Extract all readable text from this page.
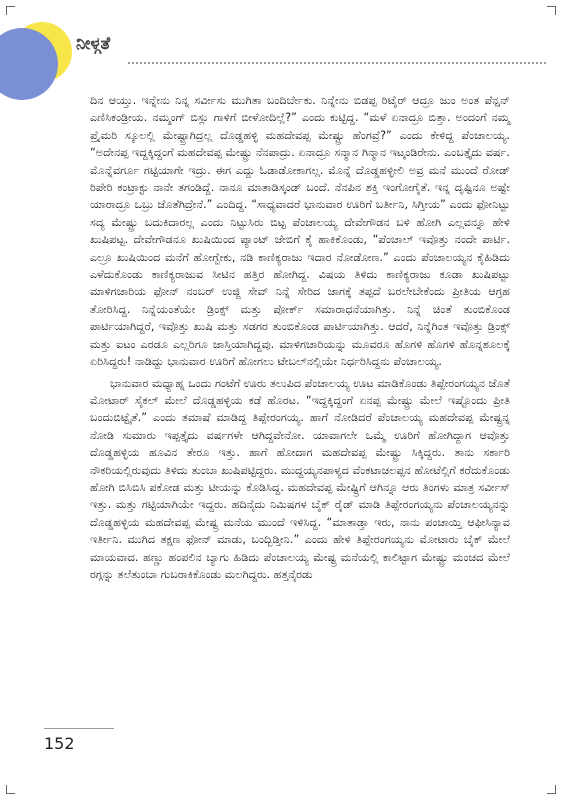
ನೀಳ್ಗತೆ

ದಿನ ಆಯ್ತು. ಇನ್ನೇನು ನಿನ್ನ ಸರ್ವೀಸು ಮುಗಿತಾ ಬಂದಿರ್ಬೇಕು. ನಿನ್ನೇನು ಬಿಡಪ್ಪ ರಿಟೈರ್ ಆದ್ರೂ ಜುಂ ಅಂತ ಪೆನ್ಷನ್ ಎಣಿಸಿಕಂಡ್ರೀಯ. ನಮ್ಮಂಗ್ ಬಿಸ್ಲು ಗಾಳಿಗೆ ಬೀಳೋದಿಲ್ಲೆ?” ಎಂದು ಕುಟ್ಟಿದ್ದ. “ಮಳೆ ಏನಾದ್ರೂ ಬಿತ್ತಾ. ಅಂದಂಗೆ ನಮ್ಮ ಪ್ರೈಮರಿ ಸ್ಕೂಲಲ್ಲಿ ಮೇಷ್ಟ್ರಾಗಿದ್ರಲ್ಲ ದೊಡ್ಡಹಳ್ಳಿ ಮಹದೇವಪ್ಪ ಮೇಷ್ಟ್ರು ಹೆಂಗವ್ರೆ?” ಎಂದು ಕೇಳಿದ್ದ ಪೆಂಚಾಲಯ್ಯ. “ಅದೇನಪ್ಪ ಇದ್ದಕ್ಕಿದ್ದಂಗೆ ಮಹದೇವಪ್ಪ ಮೇಷ್ಟ್ರು ನೆನಪಾದ್ರು. ಏನಾದ್ರೂ ಸನ್ಮಾನ ಗಿನ್ಮಾನ ಇಟ್ಕಂಡಿರೇನು. ಎಂಬತ್ತೈದು ವರ್ಷ. ಮೊನ್ನೆವರ್ಗೂ ಗಟ್ಟಿಯಾಗೇ ಇದ್ರು. ಈಗ ಎದ್ದು ಓಡಾಡೋಕಾಗಲ್ಲ. ಮೊನ್ನೆ ದೊಡ್ಡಹಳ್ಳೀಲಿ ಅವ್ರ ಮನೆ ಮುಂದೆ ರೋಡ್ ರಿಪೇರಿ ಕಂಟ್ರಾಕ್ಟು ನಾನೇ ತಗಂಡಿದ್ದೆ. ನಾನೂ ಮಾತಾಡಿಸ್ಕಂಡ್ ಬಂದೆ. ನೆನಪಿನ ಶಕ್ತಿ ಇಂಗೋಗೈತೆ. ಇನ್ನ ದೃಷ್ಟಿನೂ ಅಷ್ಟೇ ಯಾರಾದ್ರೂ ಒಬ್ರು ಜೊತೆಗಿದ್ರೇನೆ.” ಎಂದಿದ್ದ. “ಸಾಧ್ಯವಾದರೆ ಭಾನುವಾರ ಊರಿಗೆ ಬರ್ತೀನಿ, ಸಿಗ್ತೀಯ” ಎಂದು ಫೋನಿಟ್ಟು ಸದ್ಯ ಮೇಷ್ಟ್ರು ಬದುಕಿದಾರಲ್ಲ ಎಂದು ನಿಟ್ಟುಸಿರು ಬಿಟ್ಟ ಪೆಂಚಾಲಯ್ಯ ದೇವೇಗೌಡನ ಬಳಿ ಹೋಗಿ ಎಲ್ಲವನ್ನೂ ಹೇಳಿ ಖುಷಿಪಟ್ಟ. ದೇವೇಗೌಡನೂ ಖುಷಿಯಿಂದ ಪ್ಯಾಂಟ್ ಜೇಬಿಗೆ ಕೈ ಹಾಕಿಕೊಂಡು, “ಪೆಂಚಾಲ್ ಇವೊತ್ತು ನಂದೇ ಪಾರ್ಟಿ. ಎಲ್ರೂ ಖುಷಿಯಿಂದ ಮನೆಗೆ ಹೋಗ್ಬೇಕು, ನಡಿ ಕಾಣಿಕ್ಯರಾಜು ಇದಾರ ನೋಡೋಣ.” ಎಂದು ಪೆಂಚಾಲಯ್ಯನ ಕೈಹಿಡಿದು ಎಳೆದುಕೊಂಡು ಕಾಣಿಕ್ಯರಾಜುವ ಸೀಟಿನ ಹತ್ತಿರ ಹೋಗಿದ್ದ. ವಿಷಯ ತಿಳಿದು ಕಾಣಿಕ್ಯರಾಜು ಕೂಡಾ ಖುಷಿಪಟ್ಟು ಮಾಳಿಗಚಾರಿಯ ಫೋನ್ ನಂಬರ್ ಉಜ್ಜಿ ಸೇವ್ ನಿನ್ನೆ ಸೇರಿದ ಜಾಗಕ್ಕೆ ತಪ್ಪದೆ ಬರಲೇಬೇಕೆಂದು ಪ್ರೀತಿಯ ಆಗ್ರಹ ತೋರಿಸಿದ್ದ. ನಿನ್ನೆಯಂತೆಯೇ ಡ್ರಿಂಕ್ಸ್ ಮತ್ತು ಪೋರ್ಕ್ ಸಮಾರಾಧನೆಯಾಗಿತ್ತು. ನಿನ್ನೆ ಚಿಂತೆ ತುಂಬಿಕೊಂಡ ಪಾರ್ಟಿಯಾಗಿದ್ದರೆ, ಇವೊತ್ತು ಖುಷಿ ಮತ್ತು ಸಡಗರ ತುಂಬಿಕೊಂಡ ಪಾರ್ಟಿಯಾಗಿತ್ತು. ಆದರೆ, ನಿನ್ನೆಗಿಂತ ಇವೊತ್ತು ಡ್ರಿಂಕ್ಸ್ ಮತ್ತು ಐಟಂ ಎರಡೂ ಎಲ್ಲರಿಗೂ ಜಾಸ್ತಿಯಾಗಿದ್ದವು. ಮಾಳಿಗಚಾರಿಯನ್ನು ಮೂವರೂ ಹೊಗಳಿ ಹೊಗಳಿ ಹೊನ್ನಶೂಲಕ್ಕೆ ಏರಿಸಿದ್ದರು! ನಾಡಿದ್ದು ಭಾನುವಾರ ಊರಿಗೆ ಹೋಗಲು ಟೇಬಲ್‌ನಲ್ಲಿಯೇ ನಿರ್ಧರಿಸಿದ್ದನು ಪೆಂಚಾಲಯ್ಯ.

ಭಾನುವಾರ ಮಧ್ಯಾಹ್ನ ಒಂದು ಗಂಟೆಗೆ ಊರು ತಲುಪಿದ ಪೆಂಚಾಲಯ್ಯ ಊಟ ಮಾಡಿಕೊಂಡು ತಿಪ್ಪೇರಂಗಯ್ಯನ ಜೊತೆ ಮೋಟಾರ್ ಸೈಕಲ್ ಮೇಲೆ ದೊಡ್ಡಹಳ್ಳಿಯ ಕಡೆ ಹೊರಟ. “ಇದ್ದಕ್ಕಿದ್ದಂಗೆ ಏನಪ್ಪ ಮೇಷ್ಟ್ರು ಮೇಲೆ ಇಷ್ಟೊಂದು ಪ್ರೀತಿ ಬಂದುಬಿಟ್ಟೈತೆ.” ಎಂದು ತಮಾಷೆ ಮಾಡಿದ್ದ ತಿಪ್ಪೇರಂಗಯ್ಯ. ಹಾಗೆ ನೋಡಿದರೆ ಪೆಂಚಾಲಯ್ಯ ಮಹದೇವಪ್ಪ ಮೇಷ್ಟ್ರನ್ನ ನೋಡಿ ಸುಮಾರು ಇಪ್ಪತ್ತೈದು ವರ್ಷಗಳೇ ಆಗಿದ್ದವೇನೋ. ಯಾವಾಗಲೇ ಒಮ್ಮೆ ಊರಿಗೆ ಹೋಗಿದ್ದಾಗ ಆವೊತ್ತು ದೊಡ್ಡಹಳ್ಳಿಯ ಹೂವಿನ ತೇರೂ ಇತ್ತು. ಹಾಗೆ ಹೋದಾಗ ಮಹದೇವಪ್ಪ ಮೇಷ್ಟ್ರು ಸಿಕ್ಕಿದ್ದರು. ತಾನು ಸರ್ಕಾರಿ ನೌಕರಿಯಲ್ಲಿರುವುದು ತಿಳಿದು ತುಂಬಾ ಖುಷಿಪಟ್ಟಿದ್ದರು. ಮುದ್ದಯ್ಯನಪಾಳ್ಯದ ವೆಂಕಟಾಚಲಪ್ಪನ ಹೋಟೆಲ್ಲಿಗೆ ಕರೆದುಕೊಂಡು ಹೋಗಿ ಬಿಸಿಬಿಸಿ ಪಕೋಡ ಮತ್ತು ಟೀಯನ್ನು ಕೊಡಿಸಿದ್ದ. ಮಹದೇವಪ್ಪ ಮೇಷ್ಟ್ರಿಗೆ ಆಗಿನ್ನೂ ಆರು ತಿಂಗಳು ಮಾತ್ರ ಸರ್ವೀಸ್ ಇತ್ತು. ಮತ್ತು ಗಟ್ಟಿಯಾಗಿಯೇ ಇದ್ದರು. ಹದಿನೈದು ನಿಮಿಷಗಳ ಬೈಕ್ ರೈಡ್ ಮಾಡಿ ತಿಪ್ಪೇರಂಗಯ್ಯನು ಪೆಂಚಾಲಯ್ಯನನ್ನು ದೊಡ್ಡಹಳ್ಳಿಯ ಮಹದೇವಪ್ಪ ಮೇಷ್ಟ್ರ ಮನೆಯ ಮುಂದೆ ಇಳಿಸಿದ್ದ. “ಮಾತಾಡ್ತಾ ಇರು, ನಾನು ಪಂಚಾಯ್ತಿ ಆಫೀಸಿನ್ಯಾವ ಇರ್ತೀನಿ. ಮುಗಿದ ತಕ್ಷಣ ಫೋನ್ ಮಾಡು, ಬಂದ್ಬಿಡ್ತೀನಿ.” ಎಂದು ಹೇಳಿ ತಿಪ್ಪೇರಂಗಯ್ಯನು ಮೋಟಾರು ಬೈಕ್ ಮೇಲೆ ಮಾಯವಾದ. ಹಣ್ಣು ಹಂಪಲಿನ ಬ್ಯಾಗು ಹಿಡಿದು ಪೆಂಚಾಲಯ್ಯ ಮೇಷ್ಟ್ರ ಮನೆಯಲ್ಲಿ ಕಾಲಿಟ್ಟಾಗ ಮೇಷ್ಟ್ರು ಮಂಚದ ಮೇಲೆ ರಗ್ಗನ್ನು ತಲೆತುಂಬಾ ಗುಬರಾಕಿಕೊಂಡು ಮಲಗಿದ್ದರು. ಹತ್ತನೈರಡು

152
